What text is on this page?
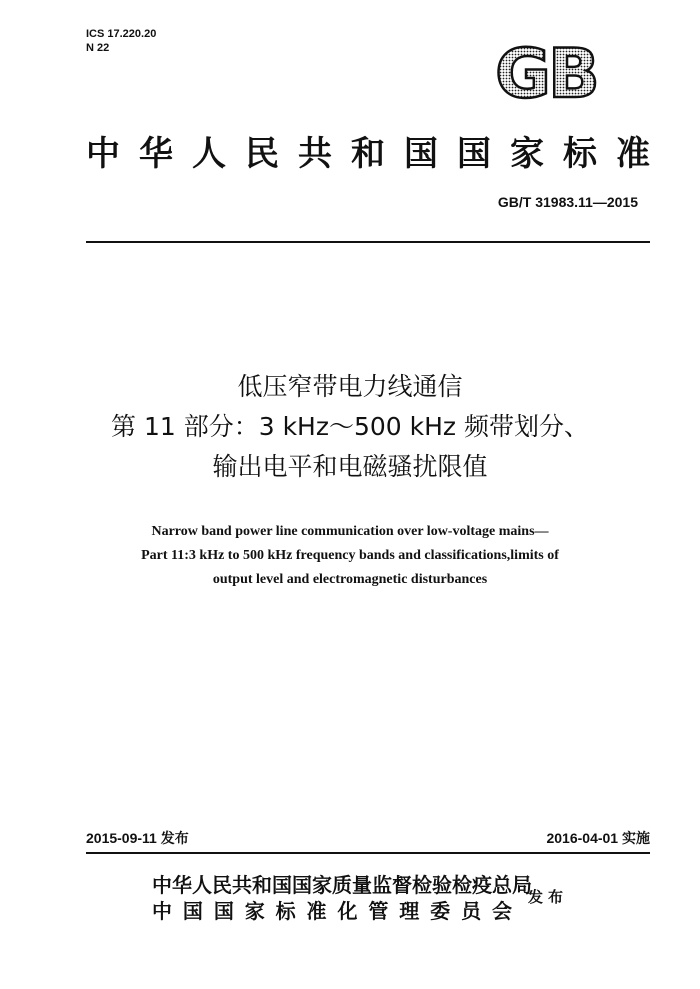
ICS 17.220.20
N 22	GB
中 华 人 民 共 和 国 国 家 标 准
GB/T 31983.11—2015
低压窄带电力线通信
第 11 部分：3 kHz～500 kHz 频带划分、
输出电平和电磁骚扰限值
Narrow band power line communication over low-voltage mains—
Part 11:3 kHz to 500 kHz frequency bands and classifications,limits of
output level and electromagnetic disturbances
2015-09-11 发布	2016-04-01 实施
中华人民共和国国家质量监督检验检疫总局
中 国 国 家 标 准 化 管 理 委 员 会
发布
